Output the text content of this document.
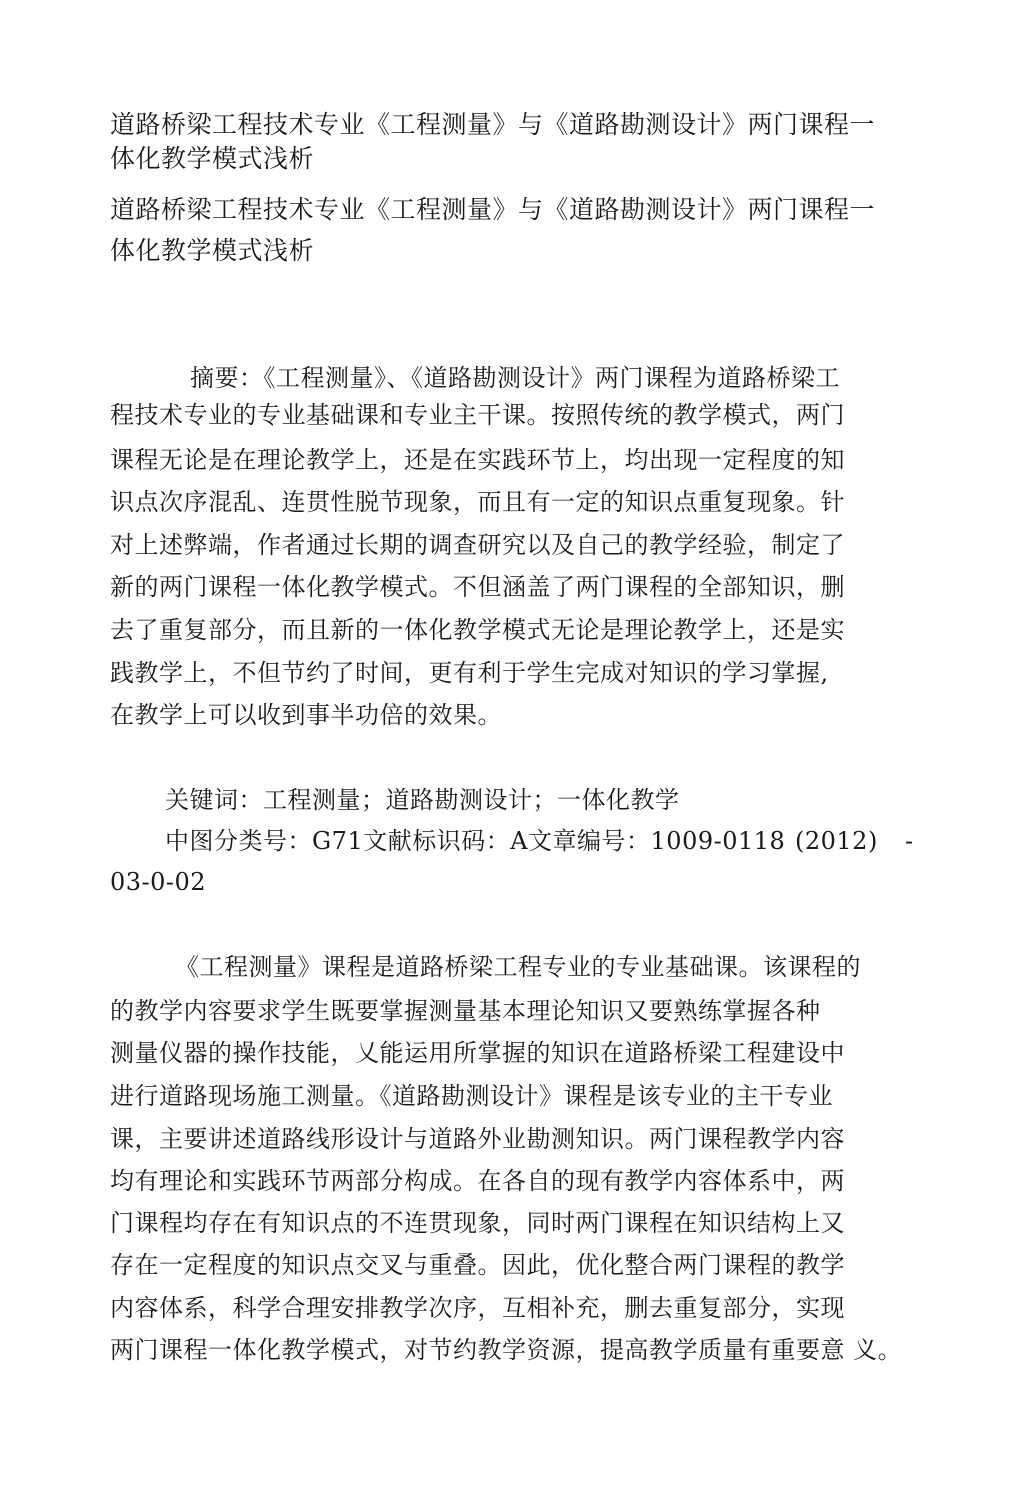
道路桥梁工程技术专业《工程测量》与《道路勘测设计》两门课程一
体化教学模式浅析
道路桥梁工程技术专业《工程测量》与《道路勘测设计》两门课程一
体化教学模式浅析
摘要：《工程测量》、《道路勘测设计》两门课程为道路桥梁工
程技术专业的专业基础课和专业主干课。按照传统的教学模式，两门
课程无论是在理论教学上，还是在实践环节上，均出现一定程度的知
识点次序混乱、连贯性脱节现象，而且有一定的知识点重复现象。针
对上述弊端，作者通过长期的调查研究以及自己的教学经验，制定了
新的两门课程一体化教学模式。不但涵盖了两门课程的全部知识，删
去了重复部分，而且新的一体化教学模式无论是理论教学上，还是实
践教学上，不但节约了时间，更有利于学生完成对知识的学习掌握,
在教学上可以收到事半功倍的效果。
关键词：工程测量；道路勘测设计；一体化教学
中图分类号：G71文献标识码：A文章编号：1009-0118 (2012) -
03-0-02
《工程测量》课程是道路桥梁工程专业的专业基础课。该课程的
的教学内容要求学生既要掌握测量基本理论知识又要熟练掌握各种
测量仪器的操作技能，乂能运用所掌握的知识在道路桥梁工程建设中
进行道路现场施工测量。《道路勘测设计》课程是该专业的主干专业
课，主要讲述道路线形设计与道路外业勘测知识。两门课程教学内容
均有理论和实践环节两部分构成。在各自的现有教学内容体系中，两
门课程均存在有知识点的不连贯现象，同时两门课程在知识结构上又
存在一定程度的知识点交叉与重叠。因此，优化整合两门课程的教学
内容体系，科学合理安排教学次序，互相补充，删去重复部分，实现
两门课程一体化教学模式，对节约教学资源，提高教学质量有重要意 义。
